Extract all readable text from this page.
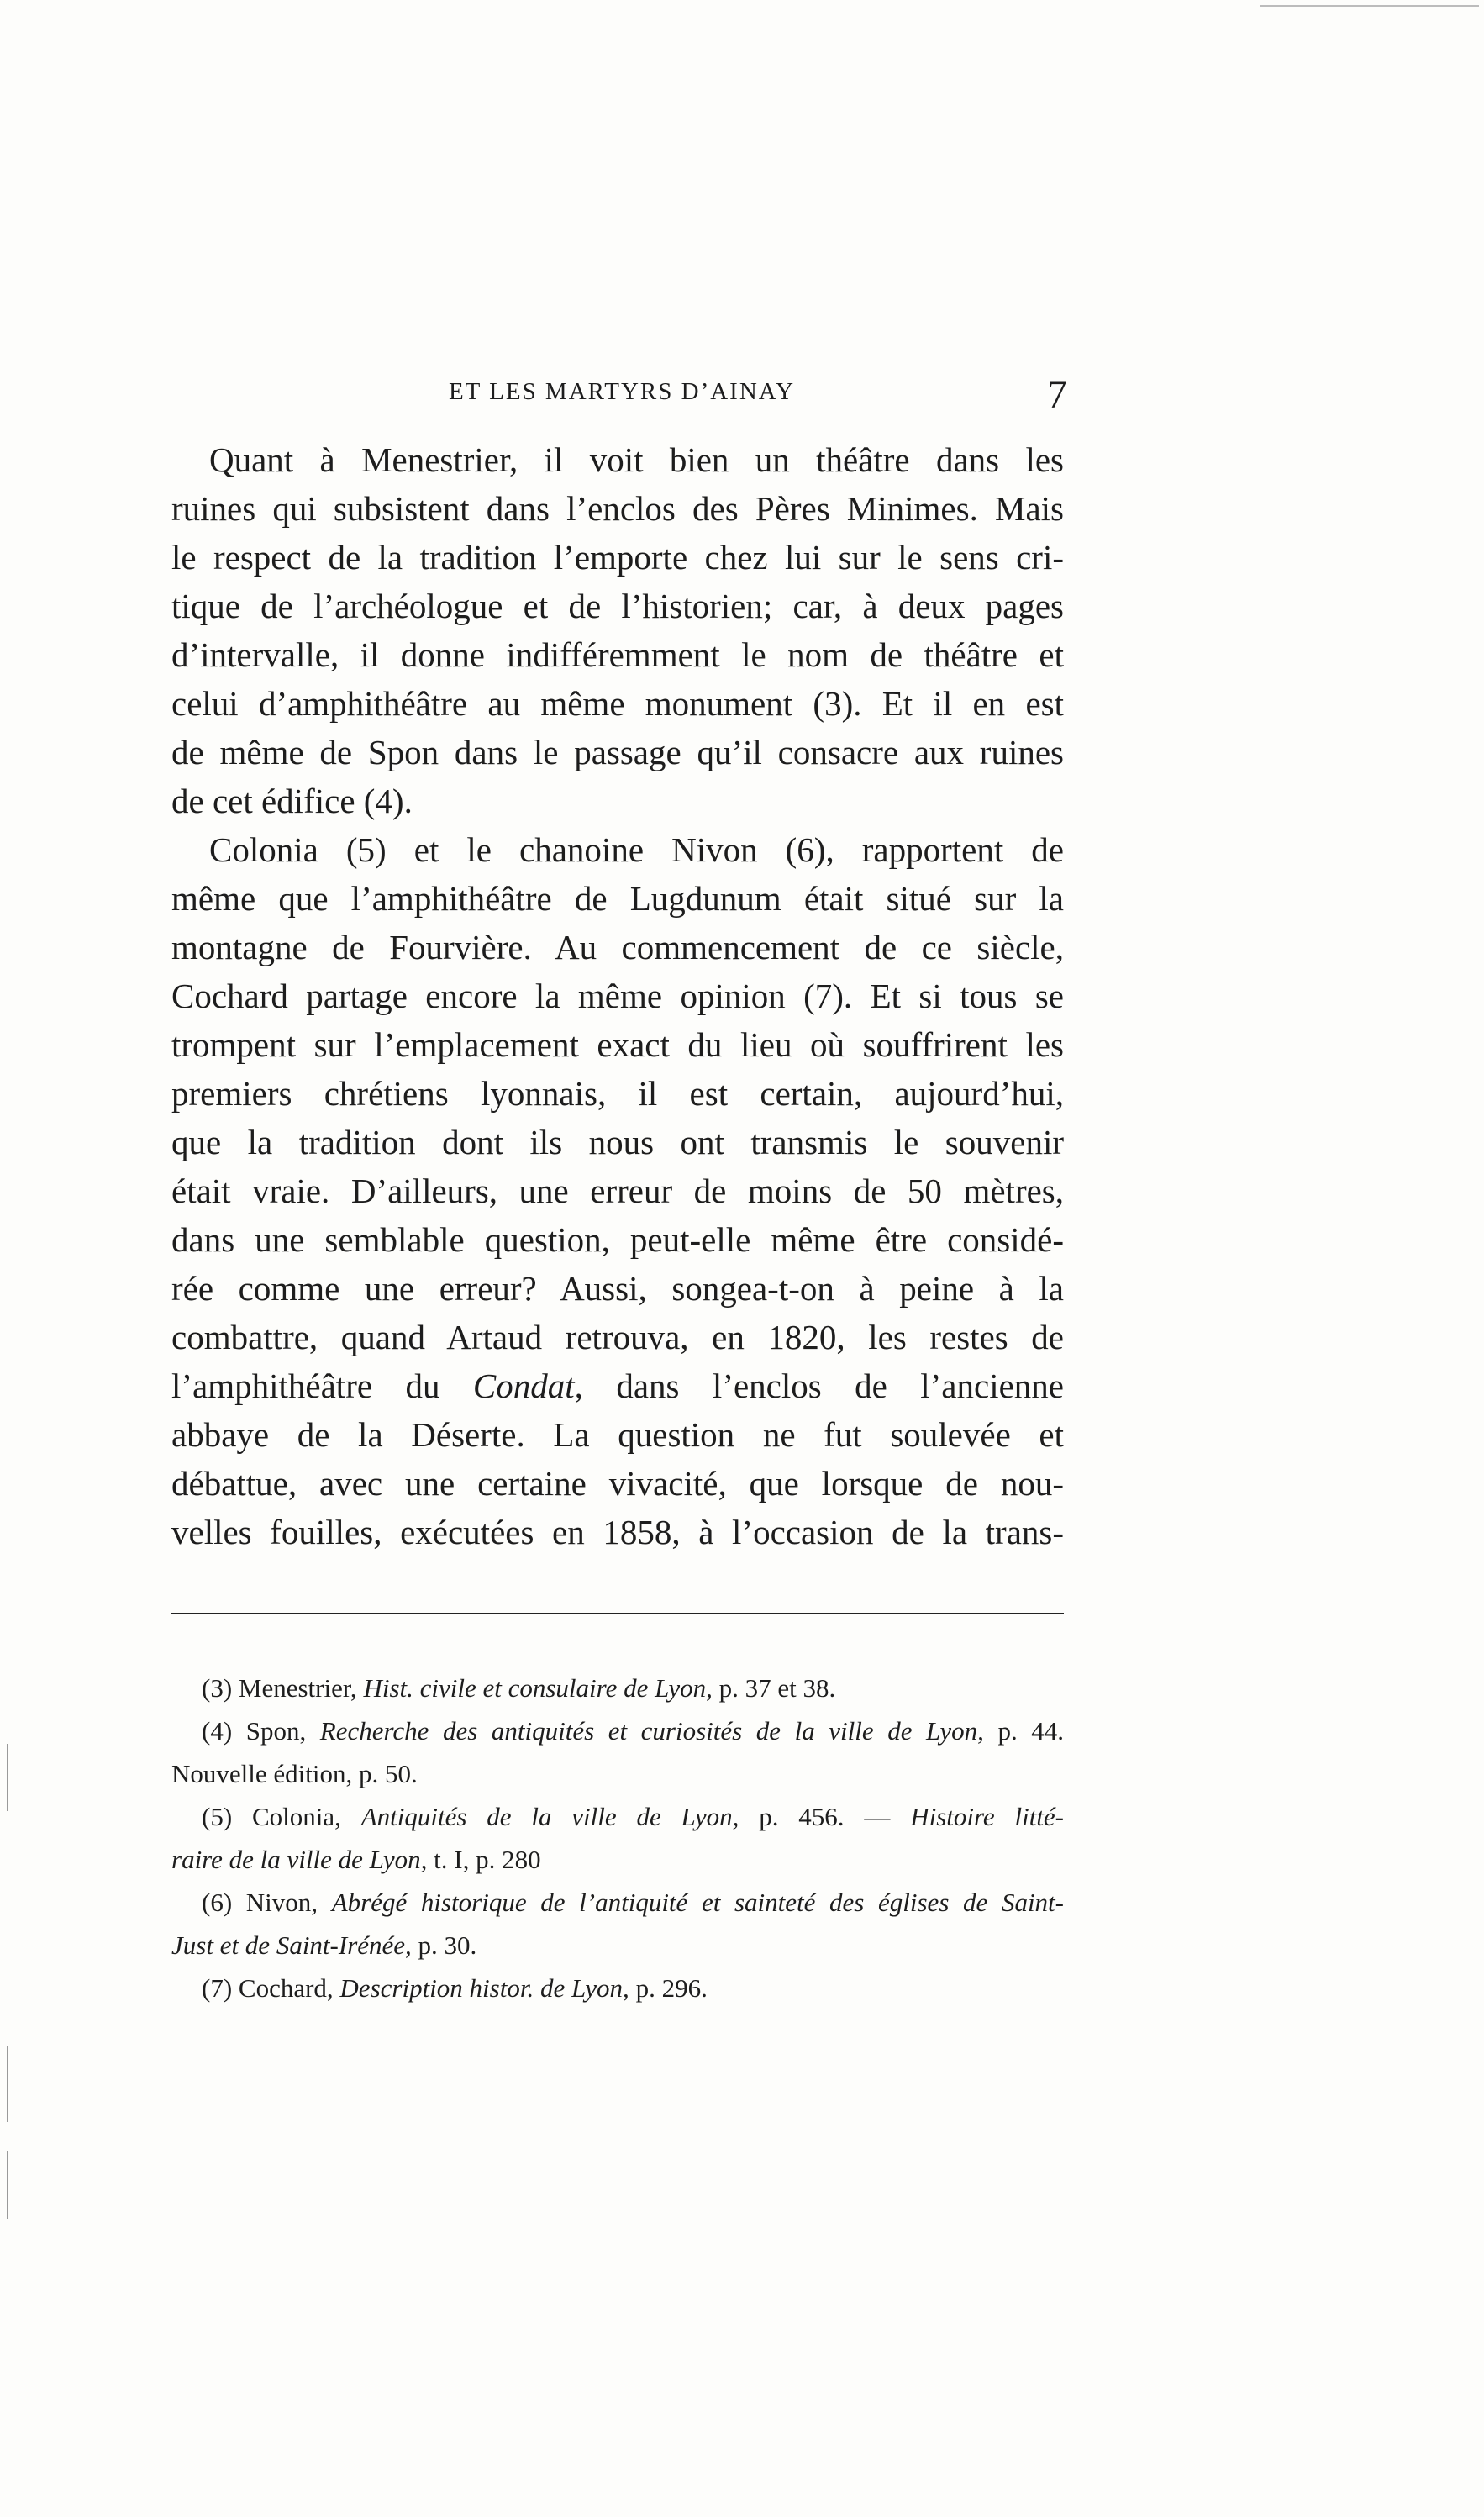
ET LES MARTYRS D’AINAY	7
Quant à Menestrier, il voit bien un théâtre dans les
ruines qui subsistent dans l’enclos des Pères Minimes. Mais
le respect de la tradition l’emporte chez lui sur le sens cri-
tique de l’archéologue et de l’historien; car, à deux pages
d’intervalle, il donne indifféremment le nom de théâtre et
celui d’amphithéâtre au même monument (3). Et il en est
de même de Spon dans le passage qu’il consacre aux ruines
de cet édifice (4).
Colonia (5) et le chanoine Nivon (6), rapportent de
même que l’amphithéâtre de Lugdunum était situé sur la
montagne de Fourvière. Au commencement de ce siècle,
Cochard partage encore la même opinion (7). Et si tous se
trompent sur l’emplacement exact du lieu où souffrirent les
premiers chrétiens lyonnais, il est certain, aujourd’hui,
que la tradition dont ils nous ont transmis le souvenir
était vraie. D’ailleurs, une erreur de moins de 50 mètres,
dans une semblable question, peut-elle même être considé-
rée comme une erreur? Aussi, songea-t-on à peine à la
combattre, quand Artaud retrouva, en 1820, les restes de
l’amphithéâtre du Condat, dans l’enclos de l’ancienne
abbaye de la Déserte. La question ne fut soulevée et
débattue, avec une certaine vivacité, que lorsque de nou-
velles fouilles, exécutées en 1858, à l’occasion de la trans-
(3) Menestrier, Hist. civile et consulaire de Lyon, p. 37 et 38.
(4) Spon, Recherche des antiquités et curiosités de la ville de Lyon, p. 44.
Nouvelle édition, p. 50.
(5) Colonia, Antiquités de la ville de Lyon, p. 456. — Histoire litté-
raire de la ville de Lyon, t. I, p. 280
(6) Nivon, Abrégé historique de l’antiquité et sainteté des églises de Saint-
Just et de Saint-Irénée, p. 30.
(7) Cochard, Description histor. de Lyon, p. 296.
